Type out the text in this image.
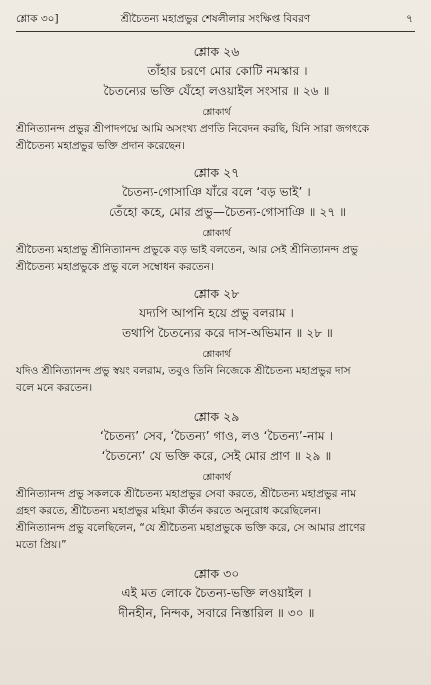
শ্লোক ৩০]	শ্রীচৈতন্য মহাপ্রভুর শেষলীলার সংক্ষিপ্ত বিবরণ	৭

শ্লোক ২৬

তাঁহার চরণে মোর কোটি নমস্কার ।

চৈতন্যের ভক্তি যেঁহো লওয়াইল সংসার ॥ ২৬ ॥

শ্লোকার্থ

শ্রীনিত্যানন্দ প্রভুর শ্রীপাদপদ্মে আমি অসংখ্য প্রণতি নিবেদন করছি, যিনি সারা জগৎকে

শ্রীচৈতন্য মহাপ্রভুর ভক্তি প্রদান করেছেন।

শ্লোক ২৭

চৈতন্য-গোসাঞি যাঁরে বলে ‘বড় ভাই’ ।

তেঁহো কহে, মোর প্রভু—চৈতন্য-গোসাঞি ॥ ২৭ ॥

শ্লোকার্থ

শ্রীচৈতন্য মহাপ্রভু শ্রীনিত্যানন্দ প্রভুকে বড় ভাই বলতেন, আর সেই শ্রীনিত্যানন্দ প্রভু

শ্রীচৈতন্য মহাপ্রভুকে প্রভু বলে সম্বোধন করতেন।

শ্লোক ২৮

যদ্যপি আপনি হয়ে প্রভু বলরাম ।

তথাপি চৈতন্যের করে দাস-অভিমান ॥ ২৮ ॥

শ্লোকার্থ

যদিও শ্রীনিত্যানন্দ প্রভু স্বয়ং বলরাম, তবুও তিনি নিজেকে শ্রীচৈতন্য মহাপ্রভুর দাস

বলে মনে করতেন।

শ্লোক ২৯

‘চৈতন্য’ সেব, ‘চৈতন্য’ গাও, লও ‘চৈতন্য’-নাম ।

‘চৈতন্যে’ যে ভক্তি করে, সেই মোর প্রাণ ॥ ২৯ ॥

শ্লোকার্থ

শ্রীনিত্যানন্দ প্রভু সকলকে শ্রীচৈতন্য মহাপ্রভুর সেবা করতে, শ্রীচৈতন্য মহাপ্রভুর নাম

গ্রহণ করতে, শ্রীচৈতন্য মহাপ্রভুর মহিমা কীর্তন করতে অনুরোধ করেছিলেন।

শ্রীনিত্যানন্দ প্রভু বলেছিলেন, “যে শ্রীচৈতন্য মহাপ্রভুকে ভক্তি করে, সে আমার প্রাণের

মতো প্রিয়।”

শ্লোক ৩০

এই মত লোকে চৈতন্য-ভক্তি লওয়াইল ।

দীনহীন, নিন্দক, সবারে নিস্তারিল ॥ ৩০ ॥
